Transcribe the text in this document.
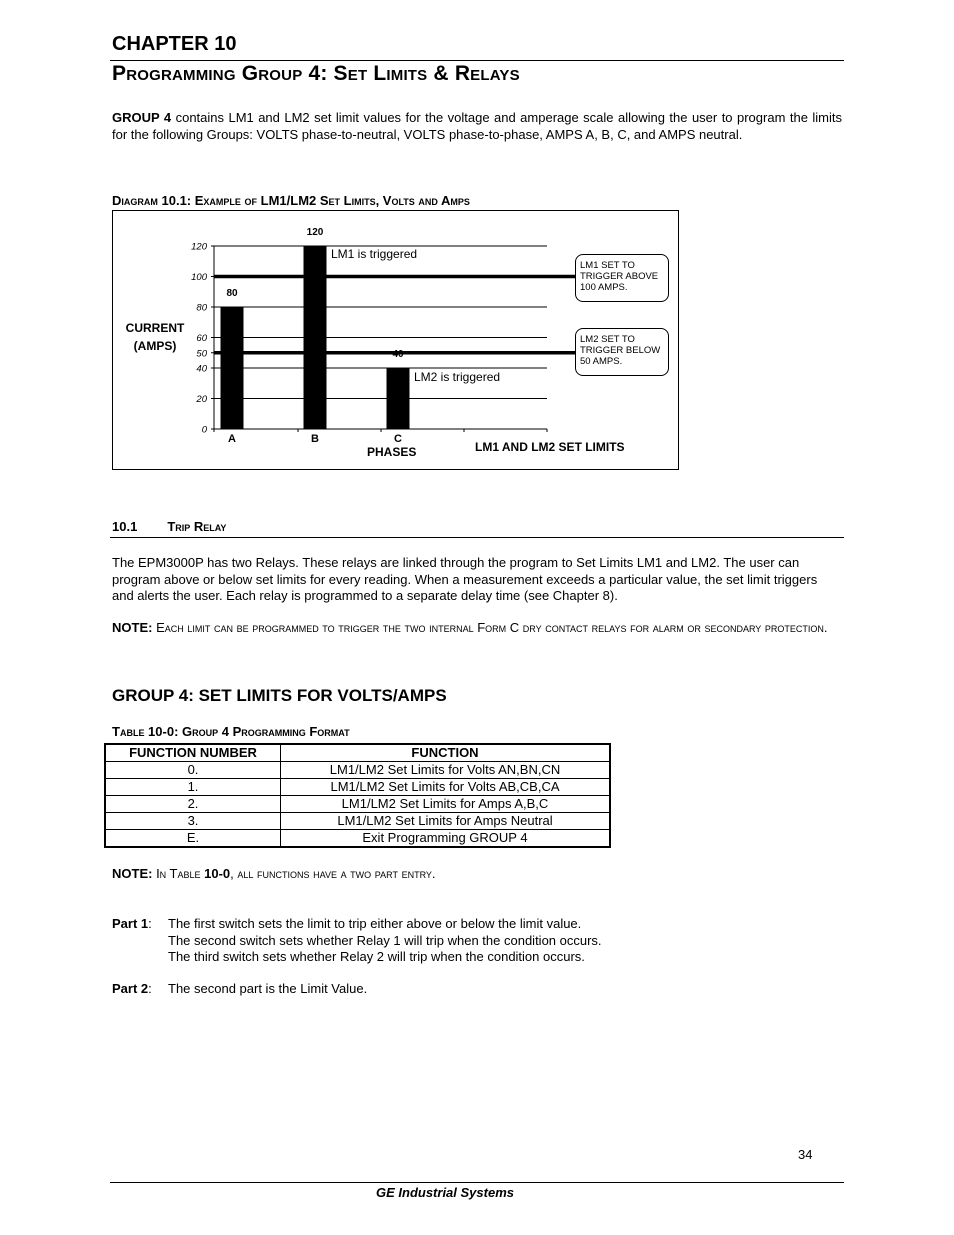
CHAPTER 10
Programming Group 4: Set Limits & Relays
GROUP 4 contains LM1 and LM2 set limit values for the voltage and amperage scale allowing the user to program the limits for the following Groups: VOLTS phase-to-neutral, VOLTS phase-to-phase, AMPS A, B, C, and AMPS neutral.
Diagram 10.1: Example of LM1/LM2 Set Limits, Volts and Amps
0
20
40
50
60
80
100
120
A	B	C
80
120
40
CURRENT
(AMPS)
LM1 is triggered
LM2 is triggered
PHASES	LM1 AND LM2 SET LIMITS
LM1 SET TO TRIGGER ABOVE 100 AMPS.
LM2 SET TO TRIGGER BELOW 50 AMPS.
10.1 Trip Relay
The EPM3000P has two Relays. These relays are linked through the program to Set Limits LM1 and LM2. The user can program above or below set limits for every reading. When a measurement exceeds a particular value, the set limit triggers and alerts the user. Each relay is programmed to a separate delay time (see Chapter 8).
NOTE: Each limit can be programmed to trigger the two internal Form C dry contact relays for alarm or secondary protection.
GROUP 4: SET LIMITS FOR VOLTS/AMPS
Table 10-0: Group 4 Programming Format
FUNCTION NUMBER	FUNCTION
0.	LM1/LM2 Set Limits for Volts AN,BN,CN
1.	LM1/LM2 Set Limits for Volts AB,CB,CA
2.	LM1/LM2 Set Limits for Amps A,B,C
3.	LM1/LM2 Set Limits for Amps Neutral
E.	Exit Programming GROUP 4
NOTE: In Table 10-0, all functions have a two part entry.
Part 1: The first switch sets the limit to trip either above or below the limit value.
The second switch sets whether Relay 1 will trip when the condition occurs.
The third switch sets whether Relay 2 will trip when the condition occurs.
Part 2: The second part is the Limit Value.
34
GE Industrial Systems
